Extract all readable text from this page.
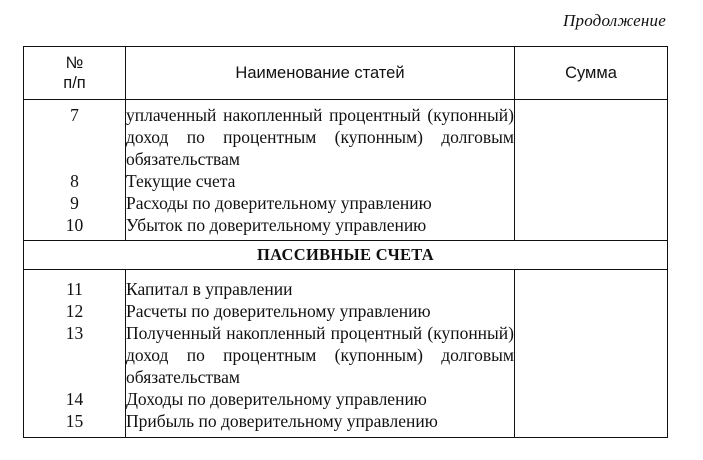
Продолжение
№
п/п	Наименование статей	Сумма
7	уплаченный накопленный процентный (купонный) доход по процентным (купонным) долговым обязательствам	
8	Текущие счета	
9	Расходы по доверительному управлению	
10	Убыток по доверительному управлению	
ПАССИВНЫЕ СЧЕТА		
11	Капитал в управлении	
12	Расчеты по доверительному управлению	
13	Полученный накопленный процентный (купонный) доход по процентным (купонным) долговым обязательствам	
14	Доходы по доверительному управлению	
15	Прибыль по доверительному управлению	
